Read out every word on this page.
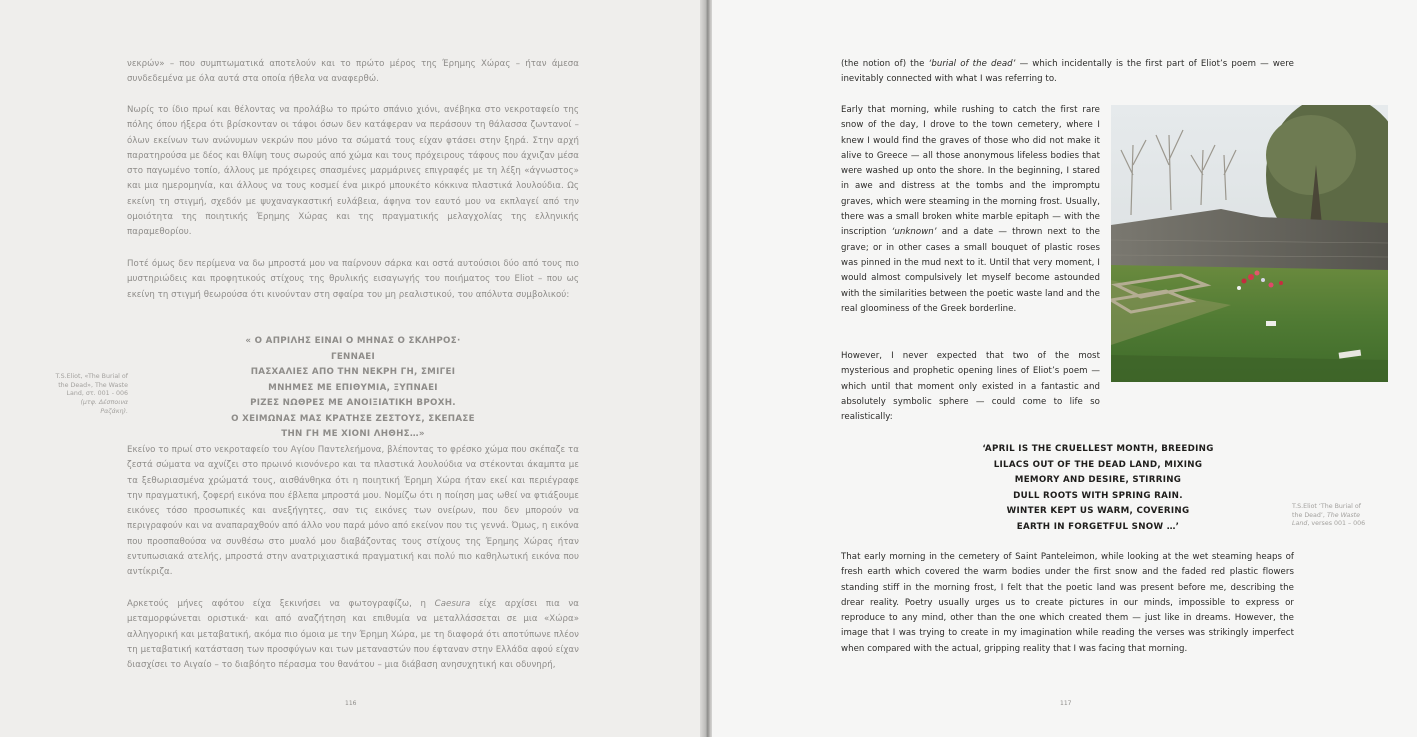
νεκρών» – που συμπτωματικά αποτελούν και το πρώτο μέρος της Έρημης Χώρας – ήταν άμεσα συνδεδεμένα με όλα αυτά στα οποία ήθελα να αναφερθώ.

Νωρίς το ίδιο πρωί και θέλοντας να προλάβω το πρώτο σπάνιο χιόνι, ανέβηκα στο νεκροταφείο της πόλης όπου ήξερα ότι βρίσκονταν οι τάφοι όσων δεν κατάφεραν να περάσουν τη θάλασσα ζωντανοί – όλων εκείνων των ανώνυμων νεκρών που μόνο τα σώματά τους είχαν φτάσει στην ξηρά. Στην αρχή παρατηρούσα με δέος και θλίψη τους σωρούς από χώμα και τους πρόχειρους τάφους που άχνιζαν μέσα στο παγωμένο τοπίο, άλλους με πρόχειρες σπασμένες μαρμάρινες επιγραφές με τη λέξη «άγνωστος» και μια ημερομηνία, και άλλους να τους κοσμεί ένα μικρό μπουκέτο κόκκινα πλαστικά λουλούδια. Ως εκείνη τη στιγμή, σχεδόν με ψυχαναγκαστική ευλάβεια, άφηνα τον εαυτό μου να εκπλαγεί από την ομοιότητα της ποιητικής Έρημης Χώρας και της πραγματικής μελαγχολίας της ελληνικής παραμεθορίου.

Ποτέ όμως δεν περίμενα να δω μπροστά μου να παίρνουν σάρκα και οστά αυτούσιοι δύο από τους πιο μυστηριώδεις και προφητικούς στίχους της θρυλικής εισαγωγής του ποιήματος του Eliot – που ως εκείνη τη στιγμή θεωρούσα ότι κινούνταν στη σφαίρα του μη ρεαλιστικού, του απόλυτα συμβολικού:

« Ο ΑΠΡΙΛΗΣ ΕΙΝΑΙ Ο ΜΗΝΑΣ Ο ΣΚΛΗΡΟΣ· ΓΕΝΝΑΕΙ
ΠΑΣΧΑΛΙΕΣ ΑΠΟ ΤΗΝ ΝΕΚΡΗ ΓΗ, ΣΜΙΓΕΙ
ΜΝΗΜΕΣ ΜΕ ΕΠΙΘΥΜΙΑ, ΞΥΠΝΑΕΙ
ΡΙΖΕΣ ΝΩΘΡΕΣ ΜΕ ΑΝΟΙΞΙΑΤΙΚΗ ΒΡΟΧΗ.
Ο ΧΕΙΜΩΝΑΣ ΜΑΣ ΚΡΑΤΗΣΕ ΖΕΣΤΟΥΣ, ΣΚΕΠΑΣΕ
ΤΗΝ ΓΗ ΜΕ ΧΙΟΝΙ ΛΗΘΗΣ…»
T.S.Eliot, «The Burial of
the Dead», The Waste
Land, στ. 001 - 006
(μτφ. Δέσποινα
Ραζάκη).

Εκείνο το πρωί στο νεκροταφείο του Αγίου Παντελεήμονα, βλέποντας το φρέσκο χώμα που σκέπαζε τα ζεστά σώματα να αχνίζει στο πρωινό κιονόνερο και τα πλαστικά λουλούδια να στέκονται άκαμπτα με τα ξεθωριασμένα χρώματά τους, αισθάνθηκα ότι η ποιητική Έρημη Χώρα ήταν εκεί και περιέγραφε την πραγματική, ζοφερή εικόνα που έβλεπα μπροστά μου. Νομίζω ότι η ποίηση μας ωθεί να φτιάξουμε εικόνες τόσο προσωπικές και ανεξήγητες, σαν τις εικόνες των ονείρων, που δεν μπορούν να περιγραφούν και να αναπαραχθούν από άλλο νου παρά μόνο από εκείνον που τις γεννά. Όμως, η εικόνα που προσπαθούσα να συνθέσω στο μυαλό μου διαβάζοντας τους στίχους της Έρημης Χώρας ήταν εντυπωσιακά ατελής, μπροστά στην ανατριχιαστικά πραγματική και πολύ πιο καθηλωτική εικόνα που αντίκριζα.

Αρκετούς μήνες αφότου είχα ξεκινήσει να φωτογραφίζω, η Caesura είχε αρχίσει πια να μεταμορφώνεται οριστικά· και από αναζήτηση και επιθυμία να μεταλλάσσεται σε μια «Χώρα» αλληγορική και μεταβατική, ακόμα πιο όμοια με την Έρημη Χώρα, με τη διαφορά ότι αποτύπωνε πλέον τη μεταβατική κατάσταση των προσφύγων και των μεταναστών που έφταναν στην Ελλάδα αφού είχαν διασχίσει το Αιγαίο – το διαβόητο πέρασμα του θανάτου – μια διάβαση ανησυχητική και οδυνηρή,

116

(the notion of) the ‘burial of the dead’ — which incidentally is the first part of Eliot’s poem — were inevitably connected with what I was referring to.

Early that morning, while rushing to catch the first rare snow of the day, I drove to the town cemetery, where I knew I would find the graves of those who did not make it alive to Greece — all those anonymous lifeless bodies that were washed up onto the shore. In the beginning, I stared in awe and distress at the tombs and the impromptu graves, which were steaming in the morning frost. Usually, there was a small broken white marble epitaph — with the inscription ‘unknown’ and a date — thrown next to the grave; or in other cases a small bouquet of plastic roses was pinned in the mud next to it. Until that very moment, I would almost compulsively let myself become astounded with the similarities between the poetic waste land and the real gloominess of the Greek borderline.

However, I never expected that two of the most mysterious and prophetic opening lines of Eliot’s poem — which until that moment only existed in a fantastic and absolutely symbolic sphere — could come to life so realistically:

‘APRIL IS THE CRUELLEST MONTH, BREEDING
LILACS OUT OF THE DEAD LAND, MIXING
MEMORY AND DESIRE, STIRRING
DULL ROOTS WITH SPRING RAIN.
WINTER KEPT US WARM, COVERING
EARTH IN FORGETFUL SNOW …’
T.S.Eliot ‘The Burial of
the Dead’, The Waste
Land, verses 001 – 006

That early morning in the cemetery of Saint Panteleimon, while looking at the wet steaming heaps of fresh earth which covered the warm bodies under the first snow and the faded red plastic flowers standing stiff in the morning frost, I felt that the poetic land was present before me, describing the drear reality. Poetry usually urges us to create pictures in our minds, impossible to express or reproduce to any mind, other than the one which created them — just like in dreams. However, the image that I was trying to create in my imagination while reading the verses was strikingly imperfect when compared with the actual, gripping reality that I was facing that morning.

117
